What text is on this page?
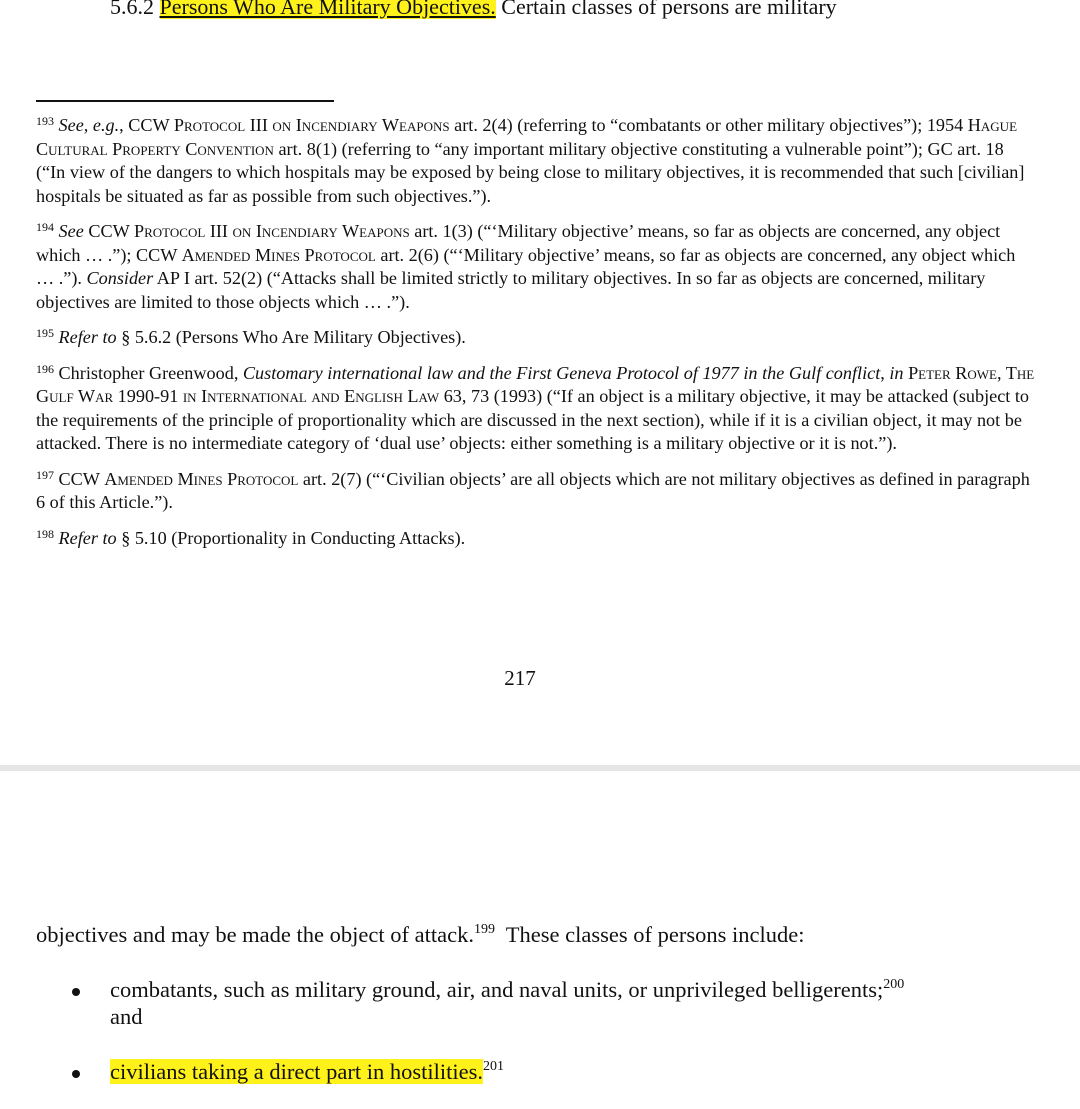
5.6.2 Persons Who Are Military Objectives. Certain classes of persons are military
$^{193}$ See, e.g., CCW Protocol III on Incendiary Weapons art. 2(4) (referring to “combatants or other military objectives”); 1954 Hague Cultural Property Convention art. 8(1) (referring to “any important military objective constituting a vulnerable point”); GC art. 18 (“In view of the dangers to which hospitals may be exposed by being close to military objectives, it is recommended that such [civilian] hospitals be situated as far as possible from such objectives.”).
$^{194}$ See CCW Protocol III on Incendiary Weapons art. 1(3) (“‘Military objective’ means, so far as objects are concerned, any object which … .”); CCW Amended Mines Protocol art. 2(6) (“‘Military objective’ means, so far as objects are concerned, any object which … .”). Consider AP I art. 52(2) (“Attacks shall be limited strictly to military objectives. In so far as objects are concerned, military objectives are limited to those objects which … .”).
$^{195}$ Refer to § 5.6.2 (Persons Who Are Military Objectives).
$^{196}$ Christopher Greenwood, Customary international law and the First Geneva Protocol of 1977 in the Gulf conflict, in Peter Rowe, The Gulf War 1990-91 in International and English Law 63, 73 (1993) (“If an object is a military objective, it may be attacked (subject to the requirements of the principle of proportionality which are discussed in the next section), while if it is a civilian object, it may not be attacked. There is no intermediate category of ‘dual use’ objects: either something is a military objective or it is not.”).
$^{197}$ CCW Amended Mines Protocol art. 2(7) (“‘Civilian objects’ are all objects which are not military objectives as defined in paragraph 6 of this Article.”).
$^{198}$ Refer to § 5.10 (Proportionality in Conducting Attacks).
217
objectives and may be made the object of attack.$^{199}$  These classes of persons include:
combatants, such as military ground, air, and naval units, or unprivileged belligerents;$^{200}$
and
civilians taking a direct part in hostilities.$^{201}$
